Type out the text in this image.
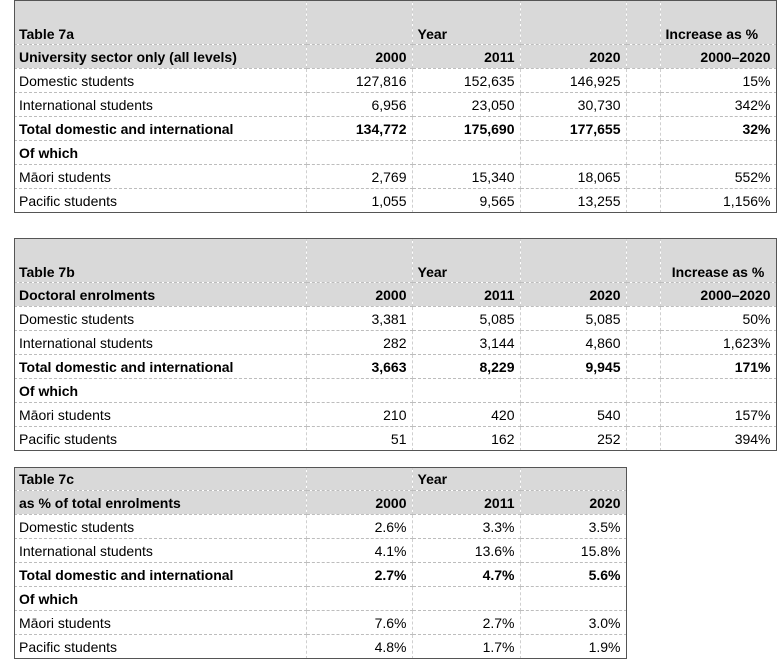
Table 7a		Year			Increase as %
University sector only (all levels)	2000	2011	2020		2000–2020
Domestic students	127,816	152,635	146,925		15%
International students	6,956	23,050	30,730		342%
Total domestic and international	134,772	175,690	177,655		32%
Of which					
Māori students	2,769	15,340	18,065		552%
Pacific students	1,055	9,565	13,255		1,156%
Table 7b		Year			Increase as %
Doctoral enrolments	2000	2011	2020		2000–2020
Domestic students	3,381	5,085	5,085		50%
International students	282	3,144	4,860		1,623%
Total domestic and international	3,663	8,229	9,945		171%
Of which					
Māori students	210	420	540		157%
Pacific students	51	162	252		394%
Table 7c		Year	
as % of total enrolments	2000	2011	2020
Domestic students	2.6%	3.3%	3.5%
International students	4.1%	13.6%	15.8%
Total domestic and international	2.7%	4.7%	5.6%
Of which			
Māori students	7.6%	2.7%	3.0%
Pacific students	4.8%	1.7%	1.9%
